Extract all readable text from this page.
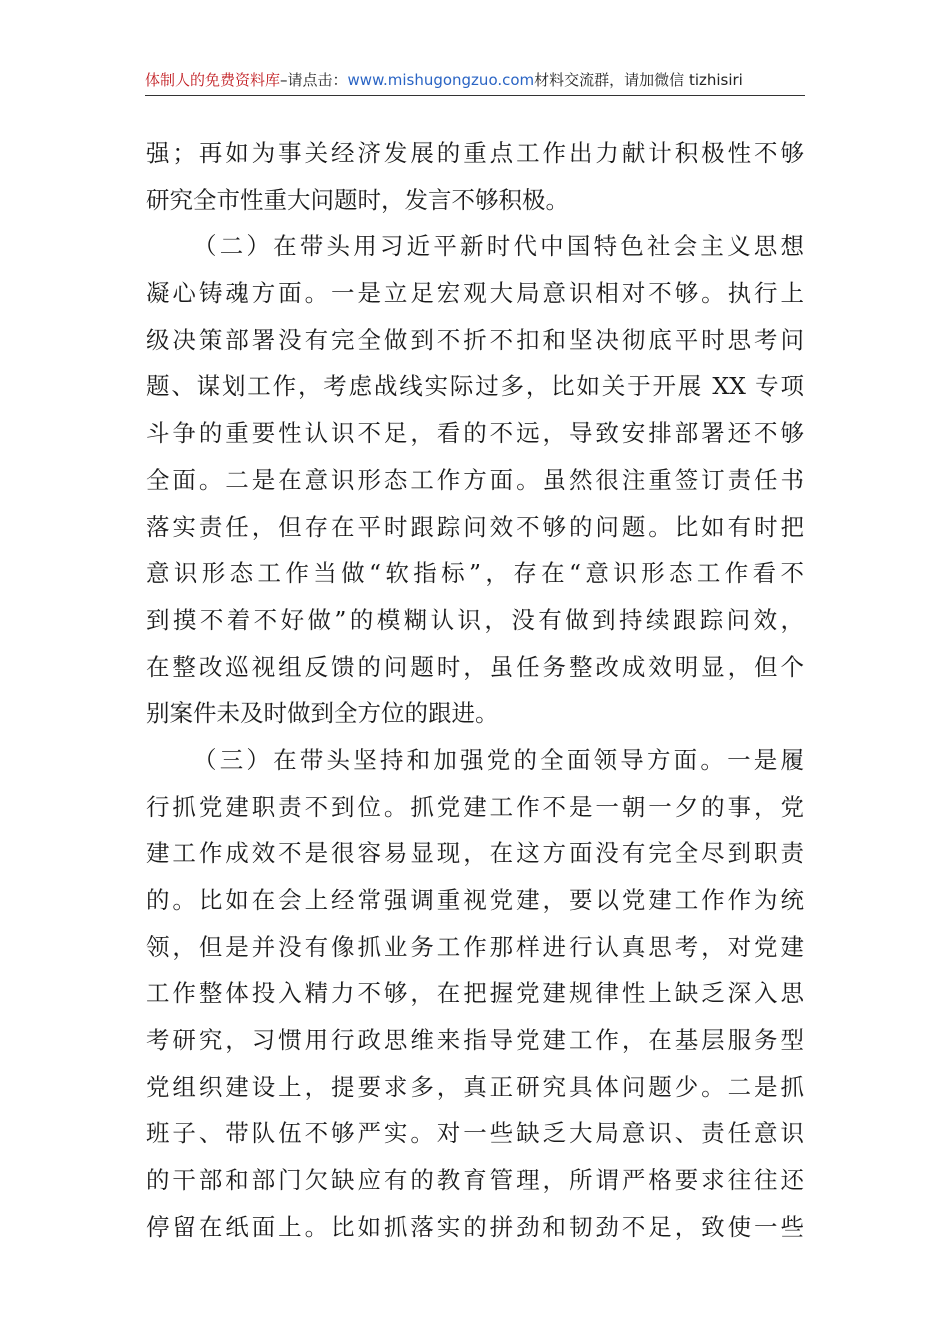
体制人的免费资料库–请点击：www.mishugongzuo.com材料交流群，请加微信 tizhisiri
强；再如为事关经济发展的重点工作出力献计积极性不够
研究全市性重大问题时，发言不够积极。
（二）在带头用习近平新时代中国特色社会主义思想
凝心铸魂方面。一是立足宏观大局意识相对不够。执行上
级决策部署没有完全做到不折不扣和坚决彻底平时思考问
题、谋划工作，考虑战线实际过多，比如关于开展 XX 专项
斗争的重要性认识不足，看的不远，导致安排部署还不够
全面。二是在意识形态工作方面。虽然很注重签订责任书
落实责任，但存在平时跟踪问效不够的问题。比如有时把
意识形态工作当做“软指标”，存在“意识形态工作看不
到摸不着不好做”的模糊认识，没有做到持续跟踪问效，
在整改巡视组反馈的问题时，虽任务整改成效明显，但个
别案件未及时做到全方位的跟进。
（三）在带头坚持和加强党的全面领导方面。一是履
行抓党建职责不到位。抓党建工作不是一朝一夕的事，党
建工作成效不是很容易显现，在这方面没有完全尽到职责
的。比如在会上经常强调重视党建，要以党建工作作为统
领，但是并没有像抓业务工作那样进行认真思考，对党建
工作整体投入精力不够，在把握党建规律性上缺乏深入思
考研究，习惯用行政思维来指导党建工作，在基层服务型
党组织建设上，提要求多，真正研究具体问题少。二是抓
班子、带队伍不够严实。对一些缺乏大局意识、责任意识
的干部和部门欠缺应有的教育管理，所谓严格要求往往还
停留在纸面上。比如抓落实的拼劲和韧劲不足，致使一些
